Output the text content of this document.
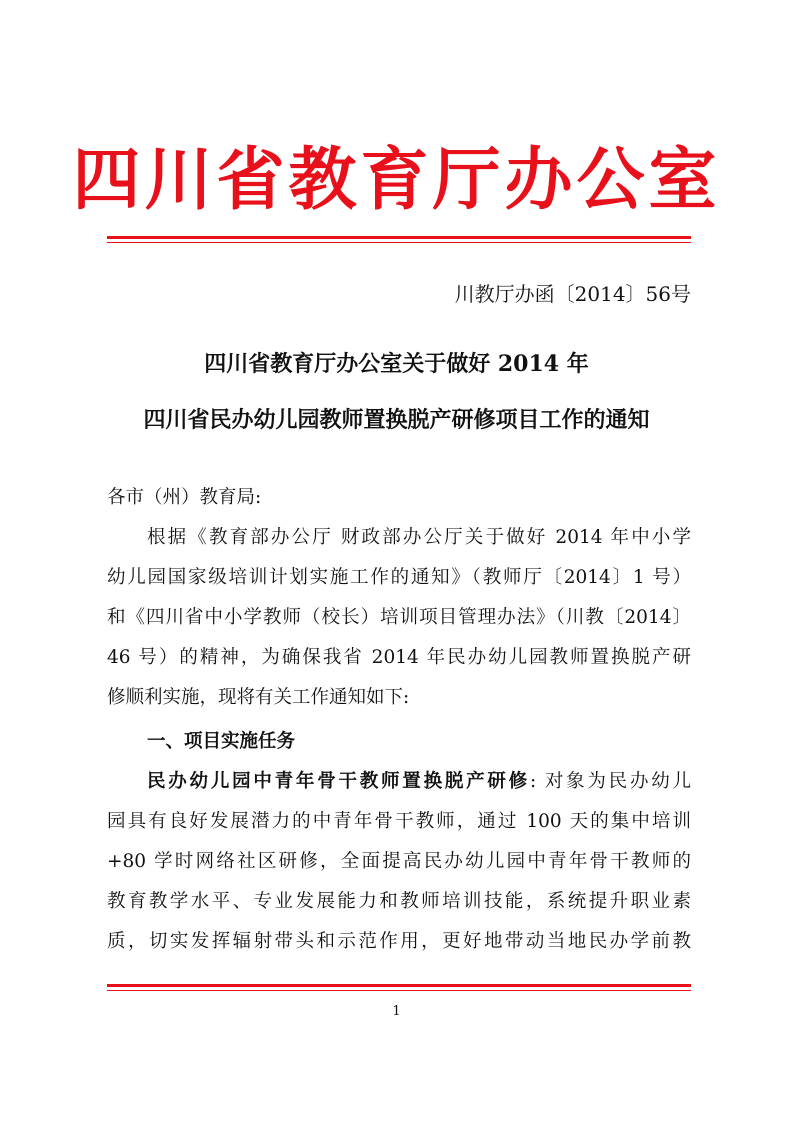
四川省教育厅办公室
川教厅办函〔2014〕56号
四川省教育厅办公室关于做好 2014 年
四川省民办幼儿园教师置换脱产研修项目工作的通知
各市（州）教育局:
根据《教育部办公厅 财政部办公厅关于做好 2014 年中小学
幼儿园国家级培训计划实施工作的通知》（教师厅〔2014〕1 号）
和《四川省中小学教师（校长）培训项目管理办法》（川教〔2014〕
46 号）的精神，为确保我省 2014 年民办幼儿园教师置换脱产研
修顺利实施，现将有关工作通知如下:
一、项目实施任务
民办幼儿园中青年骨干教师置换脱产研修: 对象为民办幼儿
园具有良好发展潜力的中青年骨干教师，通过 100 天的集中培训
+80 学时网络社区研修，全面提高民办幼儿园中青年骨干教师的
教育教学水平、专业发展能力和教师培训技能，系统提升职业素
质，切实发挥辐射带头和示范作用，更好地带动当地民办学前教
1
